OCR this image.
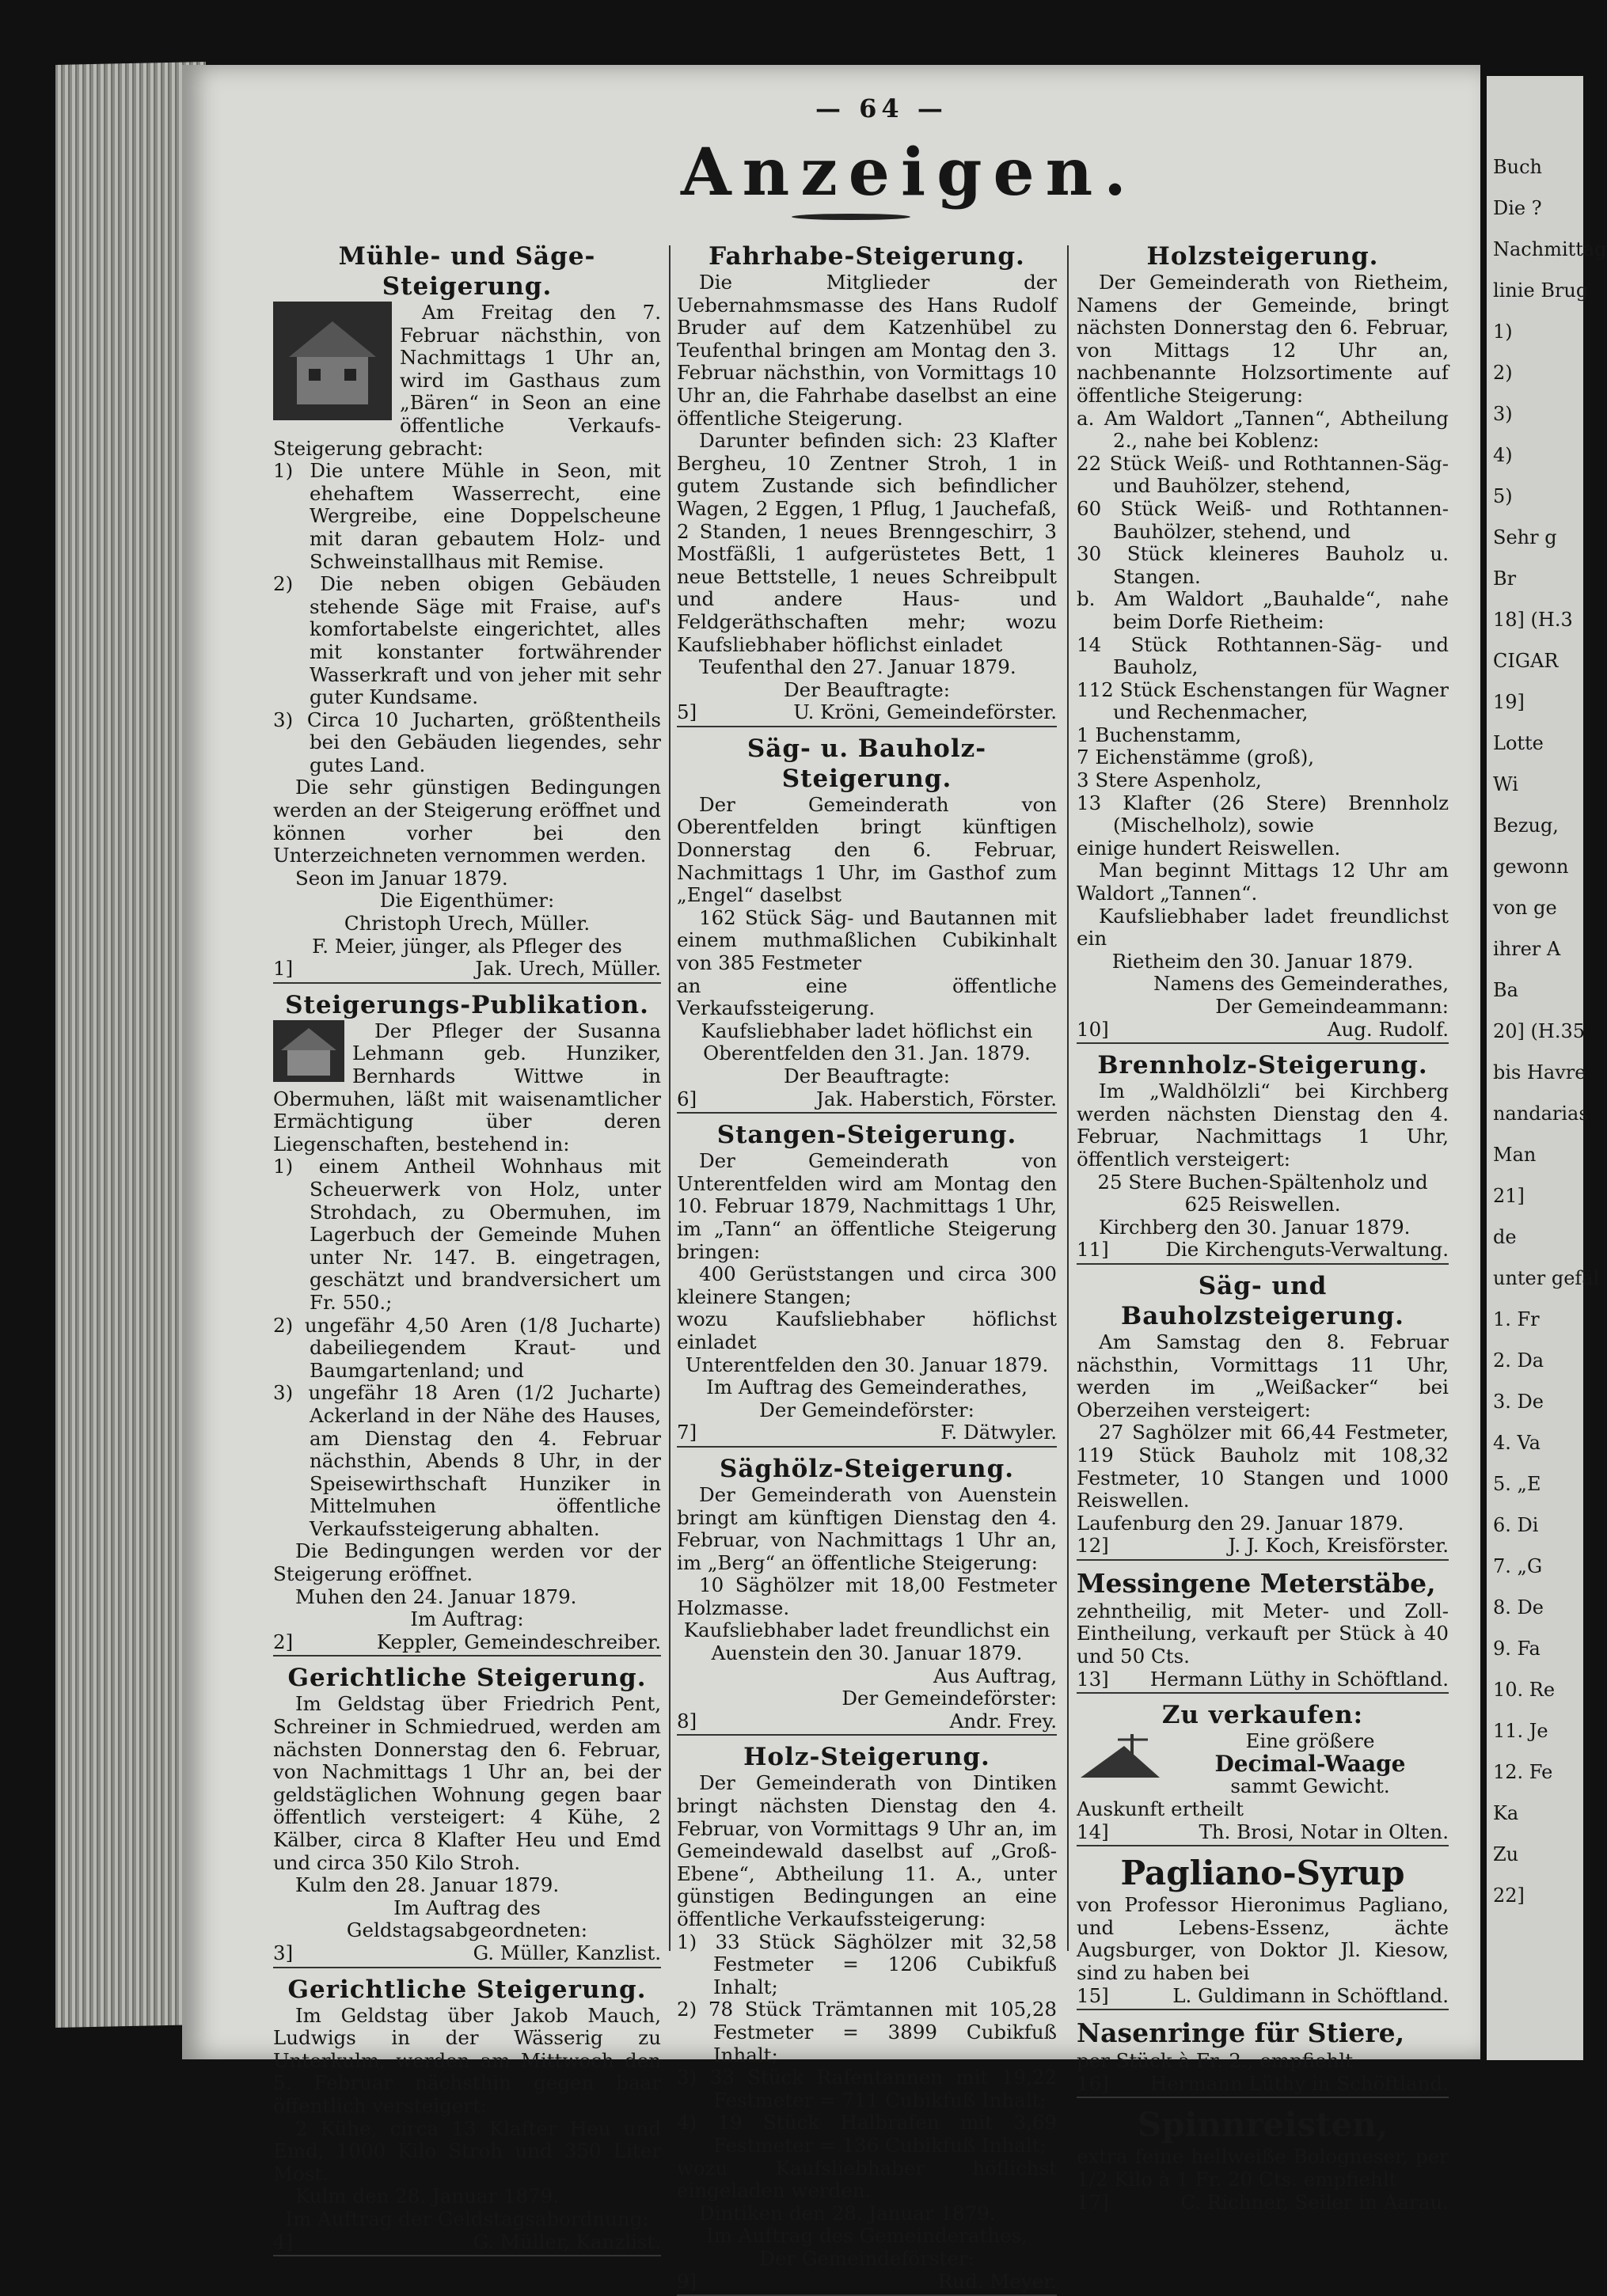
Buch
Die ?
Nachmittag
linie Brug
1)
2)
3)
4)
5)
Sehr g
Br
18] (H.3
CIGAR
19]
Lotte
Wi
Bezug,
gewonn
von ge
ihrer A
Ba
20] (H.35
bis Havre
nandarias
Man
21]
de
unter gefäl
1. Fr
2. Da
3. De
4. Va
5. „E
6. Di
7. „G
8. De
9. Fa
10. Re
11. Je
12. Fe
Ka
Zu
22]
— 64 —
Anzeigen.
Mühle- und Säge-Steigerung.

Am Freitag den 7. Februar nächsthin, von Nachmittags 1 Uhr an, wird im Gasthaus zum „Bären“ in Seon an eine öffentliche Verkaufs-Steigerung gebracht:

1) Die untere Mühle in Seon, mit ehehaftem Wasserrecht, eine Wergreibe, eine Doppelscheune mit daran gebautem Holz- und Schweinstallhaus mit Remise.

2) Die neben obigen Gebäuden stehende Säge mit Fraise, auf's komfortabelste eingerichtet, alles mit konstanter fortwährender Wasserkraft und von jeher mit sehr guter Kundsame.

3) Circa 10 Jucharten, größtentheils bei den Gebäuden liegendes, sehr gutes Land.

Die sehr günstigen Bedingungen werden an der Steigerung eröffnet und können vorher bei den Unterzeichneten vernommen werden.

Seon im Januar 1879.

Die Eigenthümer:

Christoph Urech, Müller.

F. Meier, jünger, als Pfleger des

1]	Jak. Urech, Müller.
Steigerungs-Publikation.

Der Pfleger der Susanna Lehmann geb. Hunziker, Bernhards Wittwe in Obermuhen, läßt mit waisenamtlicher Ermächtigung über deren Liegenschaften, bestehend in:

1) einem Antheil Wohnhaus mit Scheuerwerk von Holz, unter Strohdach, zu Obermuhen, im Lagerbuch der Gemeinde Muhen unter Nr. 147. B. eingetragen, geschätzt und brandversichert um Fr. 550.;

2) ungefähr 4,50 Aren (1/8 Jucharte) dabeiliegendem Kraut- und Baumgartenland; und

3) ungefähr 18 Aren (1/2 Jucharte) Ackerland in der Nähe des Hauses, am Dienstag den 4. Februar nächsthin, Abends 8 Uhr, in der Speisewirthschaft Hunziker in Mittelmuhen öffentliche Verkaufssteigerung abhalten.

Die Bedingungen werden vor der Steigerung eröffnet.

Muhen den 24. Januar 1879.

Im Auftrag:

2]	Keppler, Gemeindeschreiber.
Gerichtliche Steigerung.

Im Geldstag über Friedrich Pent, Schreiner in Schmiedrued, werden am nächsten Donnerstag den 6. Februar, von Nachmittags 1 Uhr an, bei der geldstäglichen Wohnung gegen baar öffentlich versteigert: 4 Kühe, 2 Kälber, circa 8 Klafter Heu und Emd und circa 350 Kilo Stroh.

Kulm den 28. Januar 1879.

Im Auftrag des Geldstagsabgeordneten:

3]	G. Müller, Kanzlist.
Gerichtliche Steigerung.

Im Geldstag über Jakob Mauch, Ludwigs in der Wässerig zu Unterkulm, werden am Mittwoch den 5. Februar nächsthin gegen baar öffentlich versteigert:

2 Kühe, circa 13 Klafter Heu und Emd, 1000 Kilo Stroh und 350 Liter Most.

Kulm den 28. Januar 1879.

Im Auftrag der Geldstagsabordnung:

4]	G. Müller, Kanzlist.
Fahrhabe-Steigerung.

Die Mitglieder der Uebernahmsmasse des Hans Rudolf Bruder auf dem Katzenhübel zu Teufenthal bringen am Montag den 3. Februar nächsthin, von Vormittags 10 Uhr an, die Fahrhabe daselbst an eine öffentliche Steigerung.

Darunter befinden sich: 23 Klafter Bergheu, 10 Zentner Stroh, 1 in gutem Zustande sich befindlicher Wagen, 2 Eggen, 1 Pflug, 1 Jauchefaß, 2 Standen, 1 neues Brenngeschirr, 3 Mostfäßli, 1 aufgerüstetes Bett, 1 neue Bettstelle, 1 neues Schreibpult und andere Haus- und Feldgeräthschaften mehr; wozu Kaufsliebhaber höflichst einladet

Teufenthal den 27. Januar 1879.

Der Beauftragte:

5]	U. Kröni, Gemeindeförster.
Säg- u. Bauholz-Steigerung.

Der Gemeinderath von Oberentfelden bringt künftigen Donnerstag den 6. Februar, Nachmittags 1 Uhr, im Gasthof zum „Engel“ daselbst

162 Stück Säg- und Bautannen mit einem muthmaßlichen Cubikinhalt von 385 Festmeter

an eine öffentliche Verkaufssteigerung.

Kaufsliebhaber ladet höflichst ein

Oberentfelden den 31. Jan. 1879.

Der Beauftragte:

6]	Jak. Haberstich, Förster.
Stangen-Steigerung.

Der Gemeinderath von Unterentfelden wird am Montag den 10. Februar 1879, Nachmittags 1 Uhr, im „Tann“ an öffentliche Steigerung bringen:

400 Gerüststangen und circa 300 kleinere Stangen;

wozu Kaufsliebhaber höflichst einladet

Unterentfelden den 30. Januar 1879.

Im Auftrag des Gemeinderathes,

Der Gemeindeförster:

7]	F. Dätwyler.
Säghölz-Steigerung.

Der Gemeinderath von Auenstein bringt am künftigen Dienstag den 4. Februar, von Nachmittags 1 Uhr an, im „Berg“ an öffentliche Steigerung:

10 Säghölzer mit 18,00 Festmeter Holzmasse.

Kaufsliebhaber ladet freundlichst ein

Auenstein den 30. Januar 1879.

Aus Auftrag,

Der Gemeindeförster:

8]	Andr. Frey.
Holz-Steigerung.

Der Gemeinderath von Dintiken bringt nächsten Dienstag den 4. Februar, von Vormittags 9 Uhr an, im Gemeindewald daselbst auf „Groß-Ebene“, Abtheilung 11. A., unter günstigen Bedingungen an eine öffentliche Verkaufssteigerung:

1) 33 Stück Säghölzer mit 32,58 Festmeter = 1206 Cubikfuß Inhalt;

2) 78 Stück Trämtannen mit 105,28 Festmeter = 3899 Cubikfuß Inhalt;

3) 33 Stück Rafentannen mit 19,22 Festmeter = 711 Cubikfuß Inhalt;

4) 19 Stück Halbrafen mit 3,69 Festmeter = 136 Cubikfuß Inhalt;

wozu Kaufsliebhaber höflichst eingeladen werden.

Dintiken den 28. Januar 1879.

Im Auftrag des Gemeinderathes,

Der Gemeindeförster:

9]	Rud. Meyer.
Holzsteigerung.

Der Gemeinderath von Rietheim, Namens der Gemeinde, bringt nächsten Donnerstag den 6. Februar, von Mittags 12 Uhr an, nachbenannte Holzsortimente auf öffentliche Steigerung:

a. Am Waldort „Tannen“, Abtheilung 2., nahe bei Koblenz:

22 Stück Weiß- und Rothtannen-Säg- und Bauhölzer, stehend,

60 Stück Weiß- und Rothtannen-Bauhölzer, stehend, und

30 Stück kleineres Bauholz u. Stangen.

b. Am Waldort „Bauhalde“, nahe beim Dorfe Rietheim:

14 Stück Rothtannen-Säg- und Bauholz,

112 Stück Eschenstangen für Wagner und Rechenmacher,

1 Buchenstamm,

7 Eichenstämme (groß),

3 Stere Aspenholz,

13 Klafter (26 Stere) Brennholz (Mischelholz), sowie

einige hundert Reiswellen.

Man beginnt Mittags 12 Uhr am Waldort „Tannen“.

Kaufsliebhaber ladet freundlichst ein

Rietheim den 30. Januar 1879.

Namens des Gemeinderathes,

Der Gemeindeammann:

10]	Aug. Rudolf.
Brennholz-Steigerung.

Im „Waldhölzli“ bei Kirchberg werden nächsten Dienstag den 4. Februar, Nachmittags 1 Uhr, öffentlich versteigert:

25 Stere Buchen-Spältenholz und

625 Reiswellen.

Kirchberg den 30. Januar 1879.

11]	Die Kirchenguts-Verwaltung.
Säg- und Bauholzsteigerung.

Am Samstag den 8. Februar nächsthin, Vormittags 11 Uhr, werden im „Weißacker“ bei Oberzeihen versteigert:

27 Saghölzer mit 66,44 Festmeter, 119 Stück Bauholz mit 108,32 Festmeter, 10 Stangen und 1000 Reiswellen.

Laufenburg den 29. Januar 1879.

12]	J. J. Koch, Kreisförster.
Messingene Meterstäbe,

zehntheilig, mit Meter- und Zoll-Eintheilung, verkauft per Stück à 40 und 50 Cts.

13] Hermann Lüthy in Schöftland.
Zu verkaufen:

Eine größere

Decimal-Waage

sammt Gewicht.

Auskunft ertheilt

14]	Th. Brosi, Notar in Olten.
Pagliano-Syrup

von Professor Hieronimus Pagliano, und Lebens-Essenz, ächte Augsburger, von Doktor Jl. Kiesow, sind zu haben bei

15]	L. Guldimann in Schöftland.
Nasenringe für Stiere,

per Stück à Fr. 2., empfiehlt

16] Hermann Lüthy in Schöftland.
Spinnreisten,

extra feine hellweiße Bologneser, per 1/2 Kilo à 1 Fr. 20 Cts. empfiehlt

17]	C. Richner, Seiler in Aarau.
